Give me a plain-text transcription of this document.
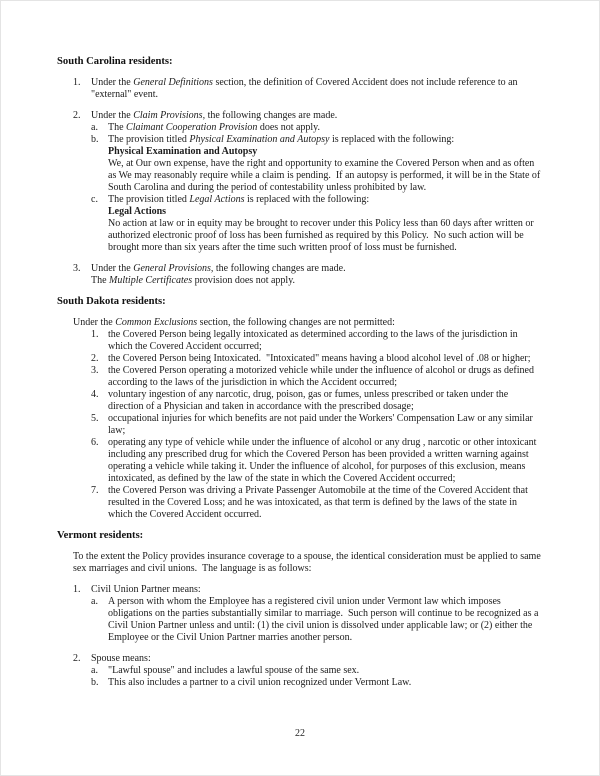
South Carolina residents:
1. Under the General Definitions section, the definition of Covered Accident does not include reference to an "external" event.
2. Under the Claim Provisions, the following changes are made.
a. The Claimant Cooperation Provision does not apply.
b. The provision titled Physical Examination and Autopsy is replaced with the following:
Physical Examination and Autopsy
We, at Our own expense, have the right and opportunity to examine the Covered Person when and as often as We may reasonably require while a claim is pending.  If an autopsy is performed, it will be in the State of South Carolina and during the period of contestability unless prohibited by law.
c. The provision titled Legal Actions is replaced with the following:
Legal Actions
No action at law or in equity may be brought to recover under this Policy less than 60 days after written or authorized electronic proof of loss has been furnished as required by this Policy.  No such action will be brought more than six years after the time such written proof of loss must be furnished.
3. Under the General Provisions, the following changes are made.
The Multiple Certificates provision does not apply.
South Dakota residents:
Under the Common Exclusions section, the following changes are not permitted:
1. the Covered Person being legally intoxicated as determined according to the laws of the jurisdiction in which the Covered Accident occurred;
2. the Covered Person being Intoxicated.  "Intoxicated" means having a blood alcohol level of .08 or higher;
3. the Covered Person operating a motorized vehicle while under the influence of alcohol or drugs as defined according to the laws of the jurisdiction in which the Accident occurred;
4. voluntary ingestion of any narcotic, drug, poison, gas or fumes, unless prescribed or taken under the direction of a Physician and taken in accordance with the prescribed dosage;
5. occupational injuries for which benefits are not paid under the Workers' Compensation Law or any similar law;
6. operating any type of vehicle while under the influence of alcohol or any drug , narcotic or other intoxicant including any prescribed drug for which the Covered Person has been provided a written warning against operating a vehicle while taking it. Under the influence of alcohol, for purposes of this exclusion, means intoxicated, as defined by the law of the state in which the Covered Accident occurred;
7. the Covered Person was driving a Private Passenger Automobile at the time of the Covered Accident that resulted in the Covered Loss; and he was intoxicated, as that term is defined by the laws of the state in which the Covered Accident occurred.
Vermont residents:
To the extent the Policy provides insurance coverage to a spouse, the identical consideration must be applied to same sex marriages and civil unions.  The language is as follows:
1. Civil Union Partner means:
a. A person with whom the Employee has a registered civil union under Vermont law which imposes obligations on the parties substantially similar to marriage.  Such person will continue to be recognized as a Civil Union Partner unless and until: (1) the civil union is dissolved under applicable law; or (2) either the Employee or the Civil Union Partner marries another person.
2. Spouse means:
a. "Lawful spouse" and includes a lawful spouse of the same sex.
b. This also includes a partner to a civil union recognized under Vermont Law.
22
